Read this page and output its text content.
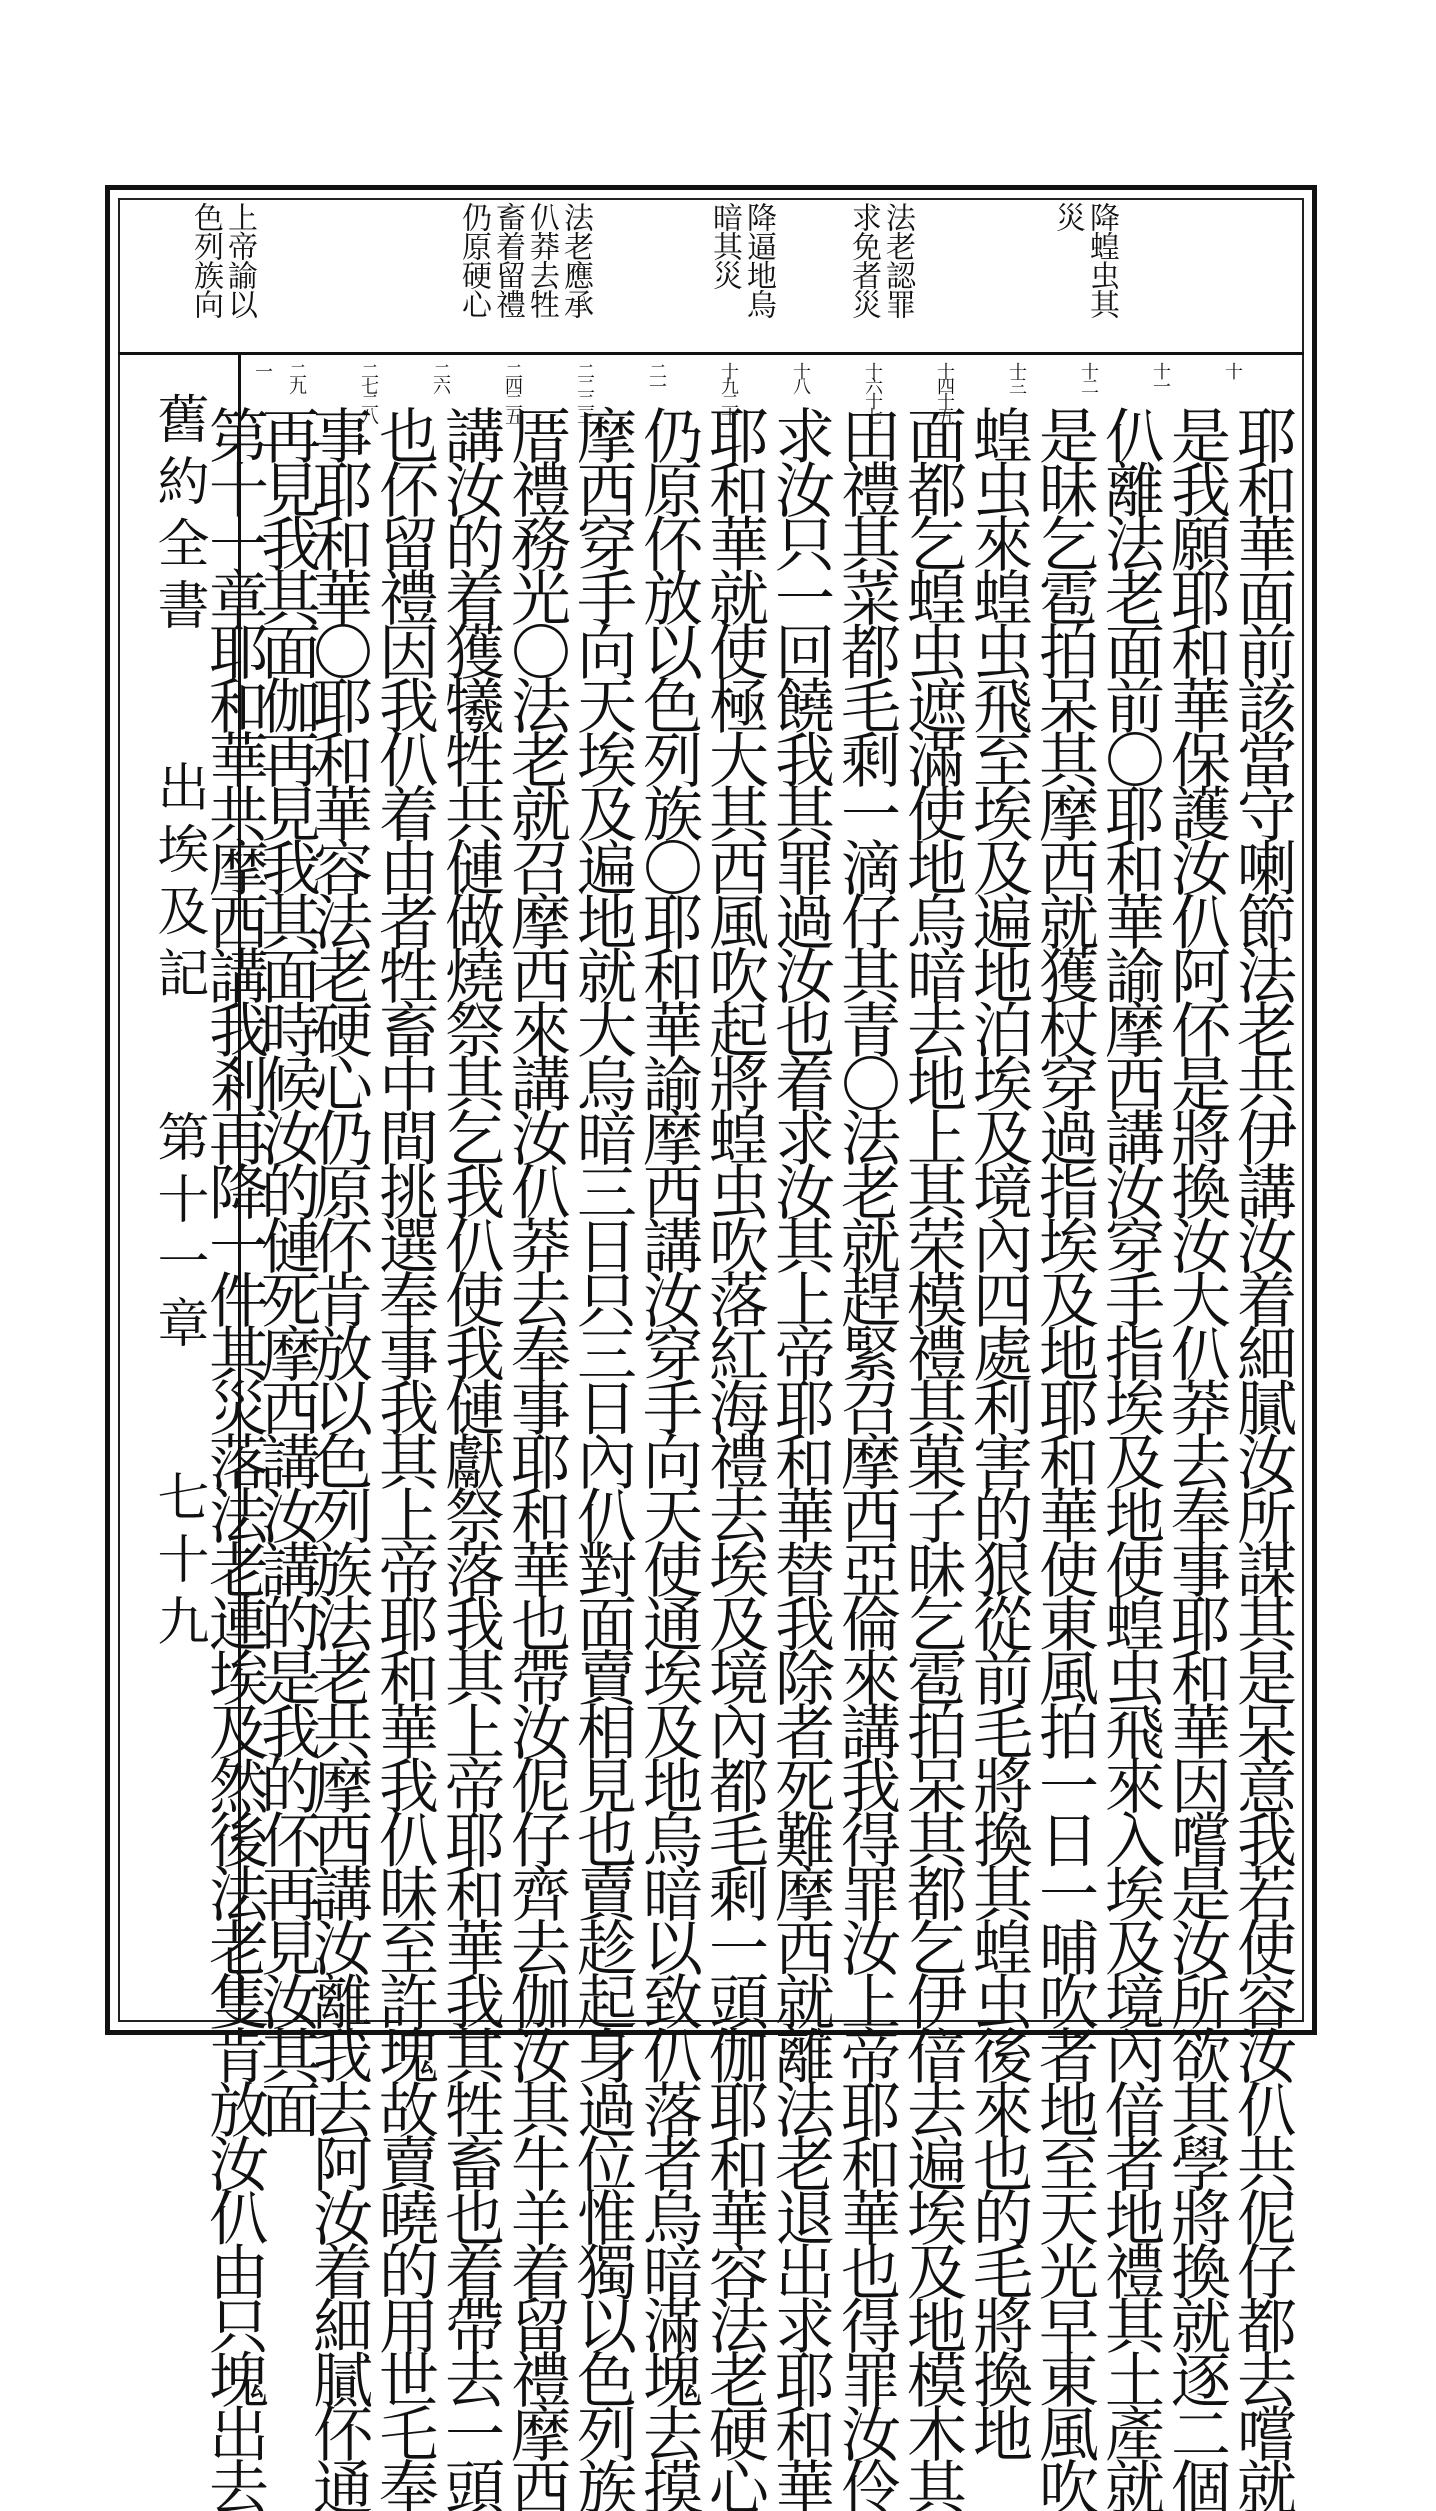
降蝗虫其
災
法老認罪
求免者災
降逼地烏
暗其災
法老應承
仈莽去牲
畜着留禮
仍原硬心
上帝諭以
色列族向
十
十一
十二
十三
十四十五
十六十七
十八
十九二十
二一
二二二三
二四二五
二六
二七二八
二九
一
舊約全書
出埃及記
第十一章
七十九	耶和華面前該當守喇節法老共伊講汝着細膩汝所謀其是呆意我若使容汝仈共伲仔都去嚐就
是我願耶和華保護汝仈阿伓是將換汝大仈莽去奉事耶和華因嚐是汝所欲其學將換就逐二個
仈離法老面前〇耶和華諭摩西講汝穿手指埃及地使蝗虫飛來入埃及境內偣者地禮其土產就
是昧乞雹拍呆其摩西就獲杖穿過指埃及地耶和華使東風拍一日一晡吹者地至天光早東風吹
蝗虫來蝗虫飛至埃及遍地泊埃及境內四處利害的狠從前毛將換其蝗虫後來也的毛將換地
面都乞蝗虫遮滿使地烏暗去地上其荣模禮其菓子昧乞雹拍呆其都乞伊偣去遍埃及地模木其
田禮其菜都毛剩一滴仔其青〇法老就趕緊召摩西亞倫來講我得罪汝上帝耶和華也得罪汝伶
求汝只一回饒我其罪過汝也着求汝其上帝耶和華替我除者死難摩西就離法老退出求耶和華
耶和華就使極大其西風吹起將蝗虫吹落紅海禮去埃及境內都毛剩一頭伽耶和華容法老硬心
仍原伓放以色列族〇耶和華諭摩西講汝穿手向天使通埃及地烏暗以致仈落者烏暗滿塊去摸
摩西穿手向天埃及遍地就大烏暗三日只三日內仈對面賣相見也賣趁起身過位惟獨以色列族
厝禮務光〇法老就召摩西來講汝仈莽去奉事耶和華也帶汝伲仔齊去伽汝其牛羊着留禮摩西
講汝的着獲犧牲共僆做燒祭其乞我仈使我僆獻祭落我其上帝耶和華我其牲畜也着帶去一頭
也伓留禮因我仈着由者牲畜中間挑選奉事我其上帝耶和華我仈昧至許塊故賣曉的用世乇奉
事耶和華〇耶和華容法老硬心仍原伓肯放以色列族法老共摩西講汝離我去阿汝着細膩伓通
再見我其面伽再見我其面時候汝的僆死摩西講汝講的是我的伓再見汝其面
第十一章耶和華共摩西講我剎再降一件其災落法老連埃及然後法老隻肯放汝仈由只塊出去
